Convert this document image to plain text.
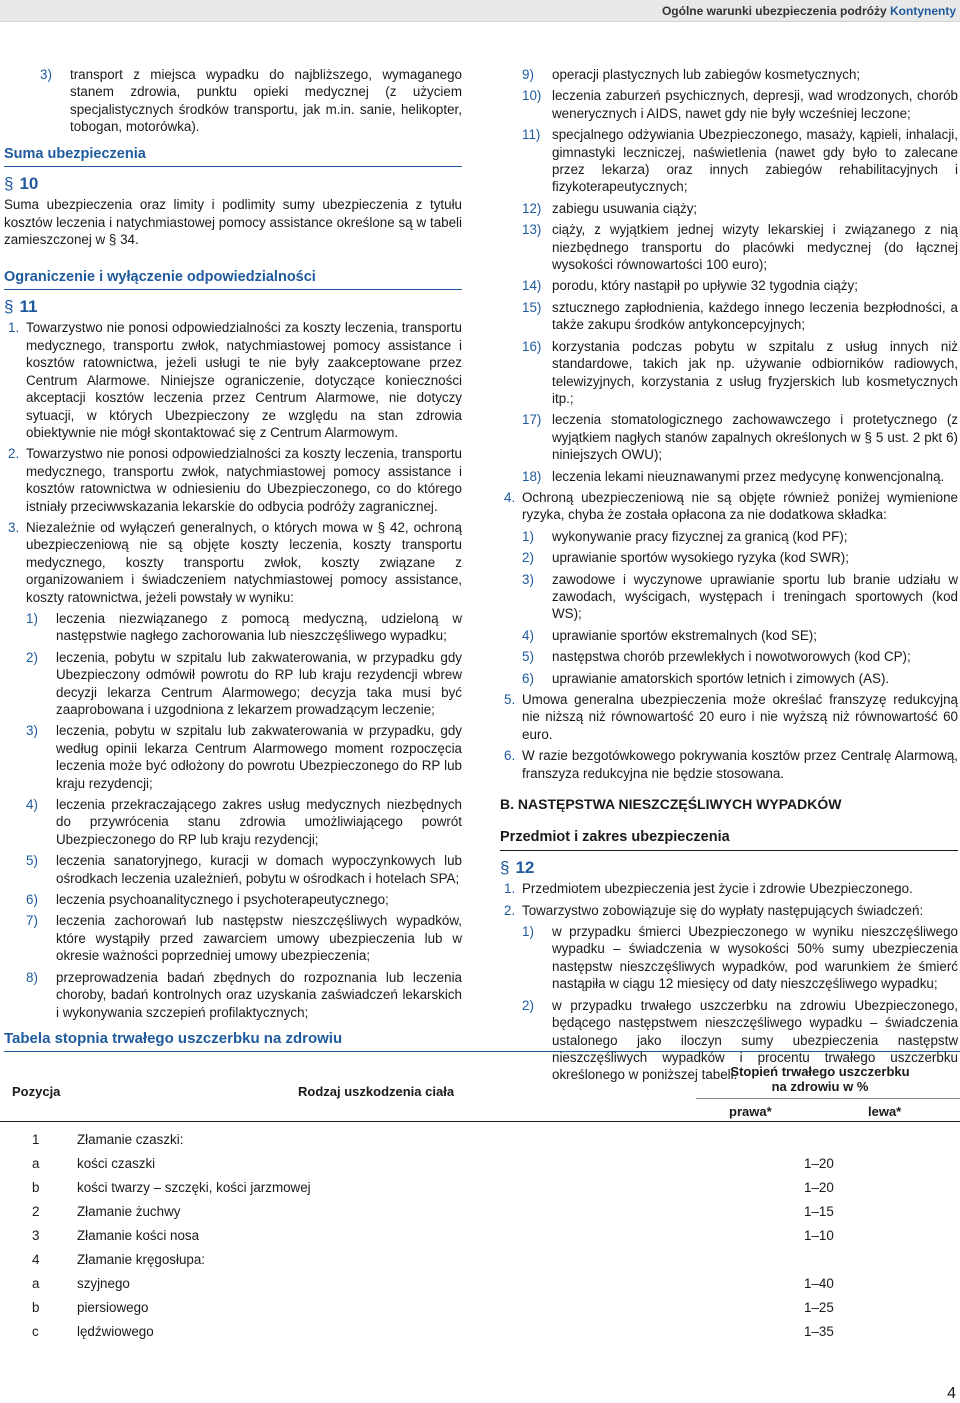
Ogólne warunki ubezpieczenia podróży Kontynenty
3)	transport z miejsca wypadku do najbliższego, wymaganego stanem zdrowia, punktu opieki medycznej (z użyciem specjalistycznych środków transportu, jak m.in. sanie, helikopter, tobogan, motorówka).
Suma ubezpieczenia
§ 10
Suma ubezpieczenia oraz limity i podlimity sumy ubezpieczenia z tytułu kosztów leczenia i natychmiastowej pomocy assistance określone są w tabeli zamieszczonej w § 34.
Ograniczenie i wyłączenie odpowiedzialności
§ 11
1. Towarzystwo nie ponosi odpowiedzialności za koszty leczenia, transportu medycznego, transportu zwłok, natychmiastowej pomocy assistance i kosztów ratownictwa, jeżeli usługi te nie były zaakceptowane przez Centrum Alarmowe. Niniejsze ograniczenie, dotyczące konieczności akceptacji kosztów leczenia przez Centrum Alarmowe, nie dotyczy sytuacji, w których Ubezpieczony ze względu na stan zdrowia obiektywnie nie mógł skontaktować się z Centrum Alarmowym.
2. Towarzystwo nie ponosi odpowiedzialności za koszty leczenia, transportu medycznego, transportu zwłok, natychmiastowej pomocy assistance i kosztów ratownictwa w odniesieniu do Ubezpieczonego, co do którego istniały przeciwwskazania lekarskie do odbycia podróży zagranicznej.
3. Niezależnie od wyłączeń generalnych, o których mowa w § 42, ochroną ubezpieczeniową nie są objęte koszty leczenia, koszty transportu medycznego, koszty transportu zwłok, koszty związane z organizowaniem i świadczeniem natychmiastowej pomocy assistance, koszty ratownictwa, jeżeli powstały w wyniku:
1)	leczenia niezwiązanego z pomocą medyczną, udzieloną w następstwie nagłego zachorowania lub nieszczęśliwego wypadku;
2)	leczenia, pobytu w szpitalu lub zakwaterowania, w przypadku gdy Ubezpieczony odmówił powrotu do RP lub kraju rezydencji wbrew decyzji lekarza Centrum Alarmowego; decyzja taka musi być zaaprobowana i uzgodniona z lekarzem prowadzącym leczenie;
3)	leczenia, pobytu w szpitalu lub zakwaterowania w przypadku, gdy według opinii lekarza Centrum Alarmowego moment rozpoczęcia leczenia może być odłożony do powrotu Ubezpieczonego do RP lub kraju rezydencji;
4)	leczenia przekraczającego zakres usług medycznych niezbędnych do przywrócenia stanu zdrowia umożliwiającego powrót Ubezpieczonego do RP lub kraju rezydencji;
5)	leczenia sanatoryjnego, kuracji w domach wypoczynkowych lub ośrodkach leczenia uzależnień, pobytu w ośrodkach i hotelach SPA;
6)	leczenia psychoanalitycznego i psychoterapeutycznego;
7)	leczenia zachorowań lub następstw nieszczęśliwych wypadków, które wystąpiły przed zawarciem umowy ubezpieczenia lub w okresie ważności poprzedniej umowy ubezpieczenia;
8)	przeprowadzenia badań zbędnych do rozpoznania lub leczenia choroby, badań kontrolnych oraz uzyskania zaświadczeń lekarskich i wykonywania szczepień profilaktycznych;
9)	operacji plastycznych lub zabiegów kosmetycznych;
10) leczenia zaburzeń psychicznych, depresji, wad wrodzonych, chorób wenerycznych i AIDS, nawet gdy nie były wcześniej leczone;
11) specjalnego odżywiania Ubezpieczonego, masaży, kąpieli, inhalacji, gimnastyki leczniczej, naświetlenia (nawet gdy było to zalecane przez lekarza) oraz innych zabiegów rehabilitacyjnych i fizykoterapeutycznych;
12) zabiegu usuwania ciąży;
13) ciąży, z wyjątkiem jednej wizyty lekarskiej i związanego z nią niezbędnego transportu do placówki medycznej (do łącznej wysokości równowartości 100 euro);
14) porodu, który nastąpił po upływie 32 tygodnia ciąży;
15) sztucznego zapłodnienia, każdego innego leczenia bezpłodności, a także zakupu środków antykoncepcyjnych;
16) korzystania podczas pobytu w szpitalu z usług innych niż standardowe, takich jak np. używanie odbiorników radiowych, telewizyjnych, korzystania z usług fryzjerskich lub kosmetycznych itp.;
17) leczenia stomatologicznego zachowawczego i protetycznego (z wyjątkiem nagłych stanów zapalnych określonych w § 5 ust. 2 pkt 6) niniejszych OWU);
18) leczenia lekami nieuznawanymi przez medycynę konwencjonalną.
4. Ochroną ubezpieczeniową nie są objęte również poniżej wymienione ryzyka, chyba że została opłacona za nie dodatkowa składka:
1)	wykonywanie pracy fizycznej za granicą (kod PF);
2)	uprawianie sportów wysokiego ryzyka (kod SWR);
3)	zawodowe i wyczynowe uprawianie sportu lub branie udziału w zawodach, wyścigach, występach i treningach sportowych (kod WS);
4)	uprawianie sportów ekstremalnych (kod SE);
5)	następstwa chorób przewlekłych i nowotworowych (kod CP);
6)	uprawianie amatorskich sportów letnich i zimowych (AS).
5. Umowa generalna ubezpieczenia może określać franszyzę redukcyjną nie niższą niż równowartość 20 euro i nie wyższą niż równowartość 60 euro.
6. W razie bezgotówkowego pokrywania kosztów przez Centralę Alarmową, franszyza redukcyjna nie będzie stosowana.
B. NASTĘPSTWA NIESZCZĘŚLIWYCH WYPADKÓW
Przedmiot i zakres ubezpieczenia
§ 12
1. Przedmiotem ubezpieczenia jest życie i zdrowie Ubezpieczonego.
2. Towarzystwo zobowiązuje się do wypłaty następujących świadczeń:
1)	w przypadku śmierci Ubezpieczonego w wyniku nieszczęśliwego wypadku – świadczenia w wysokości 50% sumy ubezpieczenia następstw nieszczęśliwych wypadków, pod warunkiem że śmierć nastąpiła w ciągu 12 miesięcy od daty nieszczęśliwego wypadku;
2)	w przypadku trwałego uszczerbku na zdrowiu Ubezpieczonego, będącego następstwem nieszczęśliwego wypadku – świadczenia ustalonego jako iloczyn sumy ubezpieczenia następstw nieszczęśliwych wypadków i procentu trwałego uszczerbku określonego w poniższej tabeli.
Tabela stopnia trwałego uszczerbku na zdrowiu
Pozycja	Rodzaj uszkodzenia ciała
Stopień trwałego uszczerbku na zdrowiu w %
prawa*	lewa*
1	Złamanie czaszki:
a	kości czaszki	1–20
b	kości twarzy – szczęki, kości jarzmowej	1–20
2	Złamanie żuchwy	1–15
3	Złamanie kości nosa	1–10
4	Złamanie kręgosłupa:
a	szyjnego	1–40
b	piersiowego	1–25
c	lędźwiowego	1–35
4
